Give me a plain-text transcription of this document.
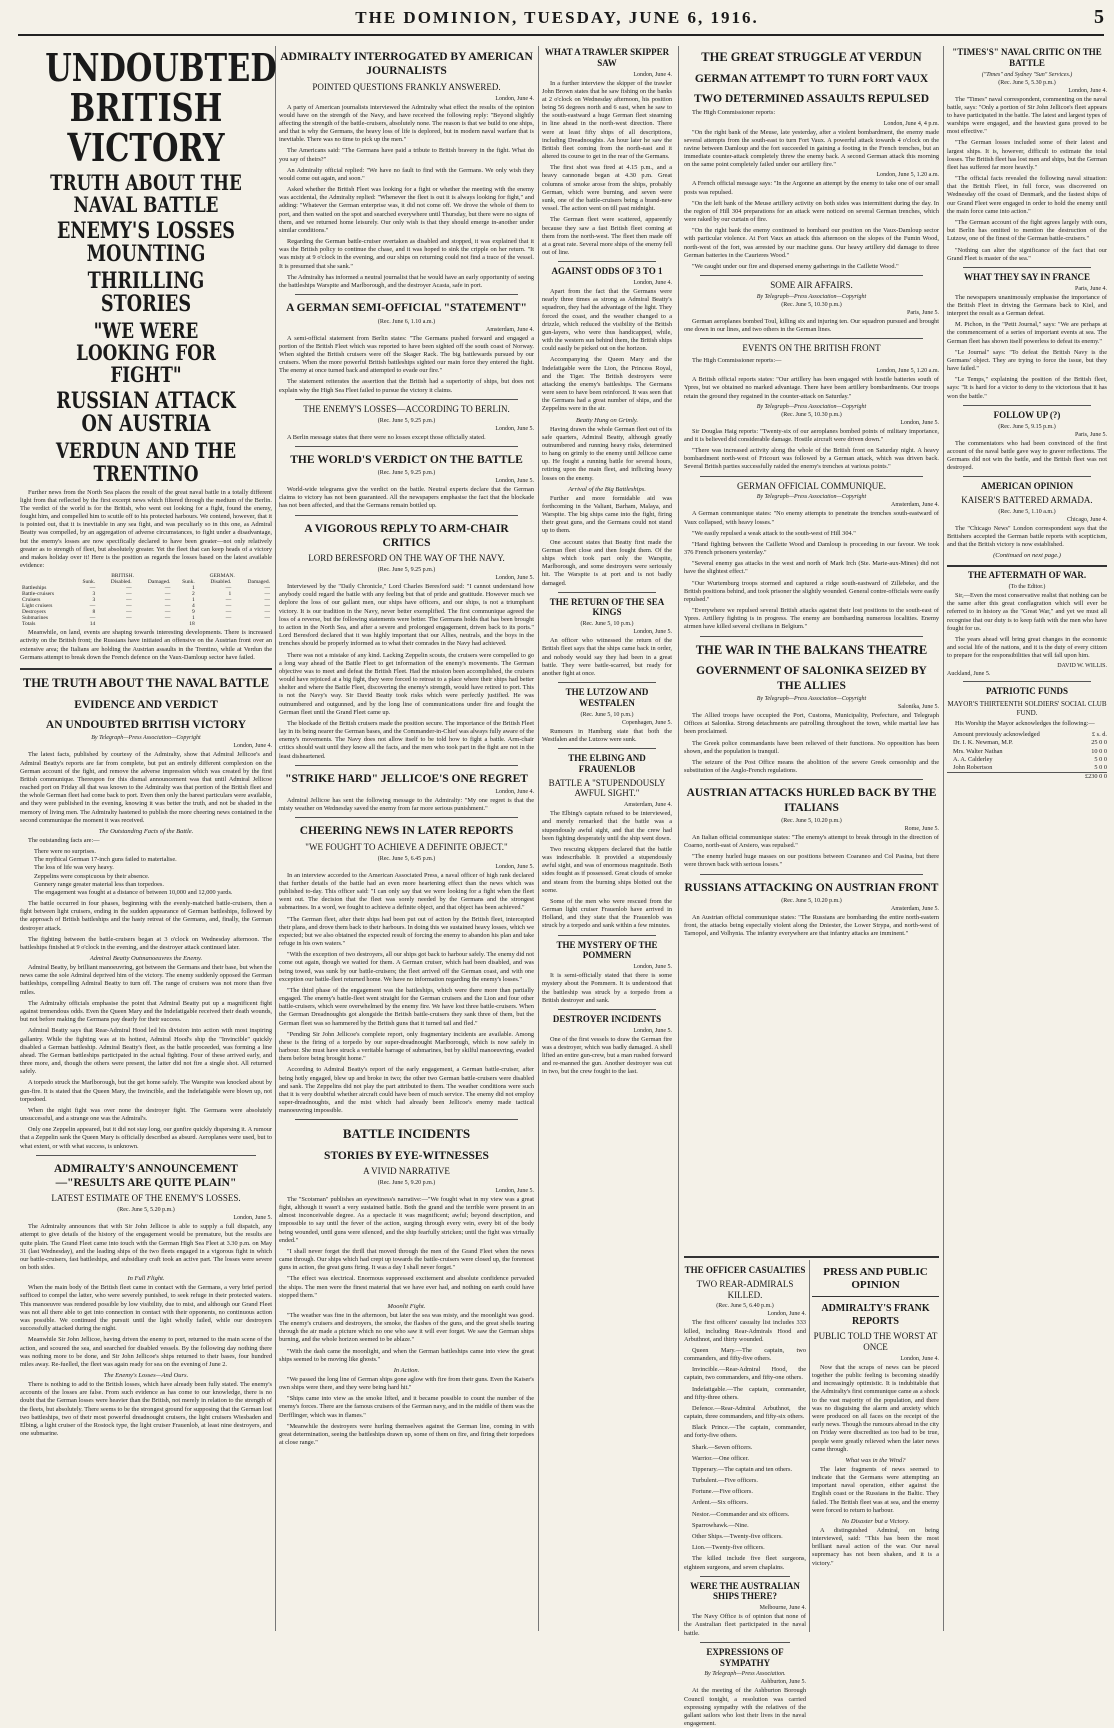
THE DOMINION, TUESDAY, JUNE 6, 1916.	5
UNDOUBTED BRITISH VICTORY
TRUTH ABOUT THE NAVAL BATTLE
ENEMY'S LOSSES MOUNTING
THRILLING STORIES
"WE WERE LOOKING FOR FIGHT"
RUSSIAN ATTACK ON AUSTRIA
VERDUN AND THE TRENTINO

Further news from the North Sea places the result of the great naval battle in a totally different light from that reflected by the first excerpt news which filtered through the medium of the Berlin. The verdict of the world is for the British, who went out looking for a fight, found the enemy, fought him, and compelled him to scuttle off to his protected harbours. We contend, however, that it is pointed out, that it is inevitable in any sea fight, and was peculiarly so in this one, as Admiral Beatty was compelled, by an aggregation of adverse circumstances, to fight under a disadvantage, but the enemy's losses are now specifically declared to have been greater—not only relatively greater as to strength of fleet, but absolutely greater. Yet the fleet that can keep heads of a victory and makes holiday over it! Here is the position as regards the losses based on the latest available evidence:

	BRITISH.			GERMAN.		
	Sunk.	Disabled.	Damaged.	Sunk.	Disabled.	Damaged.
Battleships	—	—	—	1	—	—
Battle-cruisers	3	—	—	2	1	—
Cruisers	3	—	—	1	—	—
Light cruisers	—	—	—	4	—	—
Destroyers	8	—	—	9	—	—
Submarines	—	—	—	1	—	—
Totals	14			18		

Meanwhile, on land, events are shaping towards interesting developments. There is increased activity on the British front; the Russians have initiated an offensive on the Austrian front over an extensive area; the Italians are holding the Austrian assaults in the Trentino, while at Verdun the Germans attempt to break down the French defence on the Vaux-Damloup sector have failed.

THE TRUTH ABOUT THE NAVAL BATTLE
EVIDENCE AND VERDICT
AN UNDOUBTED BRITISH VICTORY
By Telegraph—Press Association—Copyright
London, June 4.

The latest facts, published by courtesy of the Admiralty, show that Admiral Jellicoe's and Admiral Beatty's reports are far from complete, but put an entirely different complexion on the German account of the fight, and remove the adverse impression which was created by the first British communique. Thereupon for this dismal announcement was that until Admiral Jellicoe reached port on Friday all that was known to the Admiralty was that portion of the British fleet and the whole German fleet had come back to port. Even then only the barest particulars were available, and they were published in the evening, knowing it was better the truth, and not be shaded in the memory of living men. The Admiralty hastened to publish the more cheering news contained in the second communique the moment it was received.

The Outstanding Facts of the Battle.

The outstanding facts are:—

There were no surprises.
The mythical German 17-inch guns failed to materialise.
The loss of life was very heavy.
Zeppelins were conspicuous by their absence.
Gunnery range greater material less than torpedoes.
The engagement was fought at a distance of between 10,000 and 12,000 yards.

The battle occurred in four phases, beginning with the evenly-matched battle-cruisers, then a fight between light cruisers, ending in the sudden appearance of German battleships, followed by the approach of British battleships and the hasty retreat of the Germans, and, finally, the German destroyer attack.

The fighting between the battle-cruisers began at 3 o'clock on Wednesday afternoon. The battleships finished at 9 o'clock in the evening, and the destroyer attack continued later.

Admiral Beatty Outmanoeuvres the Enemy.

Admiral Beatty, by brilliant manoeuvring, got between the Germans and their base, but when the news came the sole Admiral deprived him of the victory. The enemy suddenly opposed the German battleships, compelling Admiral Beatty to turn off. The range of cruisers was not more than five miles.

The Admiralty officials emphasise the point that Admiral Beatty put up a magnificent fight against tremendous odds. Even the Queen Mary and the Indefatigable received their death wounds, but not before making the Germans pay dearly for their success.

Admiral Beatty says that Rear-Admiral Hood led his division into action with most inspiring gallantry. While the fighting was at its hottest, Admiral Hood's ship the "Invincible" quickly disabled a German battleship. Admiral Beatty's fleet, as the battle proceeded, was forming a line ahead. The German battleships participated in the actual fighting. Four of these arrived early, and three more, and, though the others were present, the latter did not fire a single shot. All returned safely.

A torpedo struck the Marlborough, but the get home safely. The Warspite was knocked about by gun-fire. It is stated that the Queen Mary, the Invincible, and the Indefatigable were blown up, not torpedoed.

When the night fight was over none the destroyer fight. The Germans were absolutely unsuccessful, and a strange one was the Admiral's.

Only one Zeppelin appeared, but it did not stay long, our gunfire quickly dispersing it. A rumour that a Zeppelin sank the Queen Mary is officially described as absurd. Aeroplanes were used, but to what extent, or with what success, is unknown.

ADMIRALTY'S ANNOUNCEMENT—"RESULTS ARE QUITE PLAIN"
LATEST ESTIMATE OF THE ENEMY'S LOSSES.
(Rec. June 5, 5.20 p.m.)
London, June 5.

The Admiralty announces that with Sir John Jellicoe is able to supply a full dispatch, any attempt to give details of the history of the engagement would be premature, but the results are quite plain. The Grand Fleet came into touch with the German High Sea Fleet at 3.30 p.m. on May 31 (last Wednesday), and the leading ships of the two fleets engaged in a vigorous fight in which our battle-cruisers, fast battleships, and subsidiary craft took an active part. The losses were severe on both sides.

In Full Flight.

When the main body of the British fleet came in contact with the Germans, a very brief period sufficed to compel the latter, who were severely punished, to seek refuge in their protected waters. This manoeuvre was rendered possible by low visibility, due to mist, and although our Grand Fleet was not all there able to get into connection in contact with their opponents, no continuous action was possible. We continued the pursuit until the light wholly failed, while our destroyers successfully attacked during the night.

Meanwhile Sir John Jellicoe, having driven the enemy to port, returned to the main scene of the action, and scoured the sea, and searched for disabled vessels. By the following day nothing there was nothing more to be done, and Sir John Jellicoe's ships returned to their bases, four hundred miles away. Re-fuelled, the fleet was again ready for sea on the evening of June 2.

The Enemy's Losses—And Ours.

There is nothing to add to the British losses, which have already been fully stated. The enemy's accounts of the losses are false. From such evidence as has come to our knowledge, there is no doubt that the German losses were heavier than the British, not merely in relation to the strength of the fleets, but absolutely. There seems to be the strongest ground for supposing that the German lost two battleships, two of their most powerful dreadnought cruisers, the light cruisers Wiesbaden and Elbing, a light cruiser of the Rostock type, the light cruiser Frauenlob, at least nine destroyers, and one submarine.

ADMIRALTY INTERROGATED BY AMERICAN JOURNALISTS
POINTED QUESTIONS FRANKLY ANSWERED.
London, June 4.

A party of American journalists interviewed the Admiralty what effect the results of the opinion would have on the strength of the Navy, and have received the following reply: "Beyond slightly affecting the strength of the battle-cruisers, absolutely none. The reason is that we build to one ships, and that is why the Germans, the heavy loss of life is deplored, but in modern naval warfare that is inevitable. There was no time to pick up the men."

The Americans said: "The Germans have paid a tribute to British bravery in the fight. What do you say of theirs?"

An Admiralty official replied: "We have no fault to find with the Germans. We only wish they would come out again, and soon."

Asked whether the British Fleet was looking for a fight or whether the meeting with the enemy was accidental, the Admiralty replied: "Whenever the fleet is out it is always looking for fight," and adding: "Whatever the German enterprise was, it did not come off. We drove the whole of them to port, and then waited on the spot and searched everywhere until Thursday, but there were no signs of them, and we returned home leisurely. Our only wish is that they should emerge in-another under similar conditions."

Regarding the German battle-cruiser overtaken as disabled and stopped, it was explained that it was the British policy to continue the chase, and it was hoped to sink the cripple on her return. "It was misty at 9 o'clock in the evening, and our ships on returning could not find a trace of the vessel. It is presumed that she sank."

The Admiralty has informed a neutral journalist that he would have an early opportunity of seeing the battleships Warspite and Marlborough, and the destroyer Acasta, safe in port.

A GERMAN SEMI-OFFICIAL "STATEMENT"
(Rec. June 6, 1.10 a.m.)
Amsterdam, June 4.

A semi-official statement from Berlin states: "The Germans pushed forward and engaged a portion of the British Fleet which was reported to have been sighted off the south coast of Norway. When sighted the British cruisers were off the Skager Rack. The big battlewards pursued by our cruisers. When the more powerful British battleships sighted our main force they entered the fight. The enemy at once turned back and attempted to evade our fire."

The statement reiterates the assertion that the British had a superiority of ships, but does not explain why the High Sea Fleet failed to pursue the victory it claims.

THE ENEMY'S LOSSES—ACCORDING TO BERLIN.
(Rec. June 5, 9.25 p.m.)
London, June 5.

A Berlin message states that there were no losses except those officially stated.

THE WORLD'S VERDICT ON THE BATTLE
(Rec. June 5, 9.25 p.m.)
London, June 5.

World-wide telegrams give the verdict on the battle. Neutral experts declare that the German claims to victory has not been guaranteed. All the newspapers emphasise the fact that the blockade has not been affected, and that the Germans remain bottled up.

A VIGOROUS REPLY TO ARM-CHAIR CRITICS
LORD BERESFORD ON THE WAY OF THE NAVY.
(Rec. June 5, 9.25 p.m.)
London, June 5.

Interviewed by the "Daily Chronicle," Lord Charles Beresford said: "I cannot understand how anybody could regard the battle with any feeling but that of pride and gratitude. However much we deplore the loss of our gallant men, our ships have officers, and our ships, is not a triumphant victory. It is our tradition in the Navy, never better exemplified. The first communique agreed the loss of a reverse, but the following statements were better. The Germans holds that has been brought to action in the North Sea, and after a severe and prolonged engagement, driven back to its ports." Lord Beresford declared that it was highly important that our Allies, neutrals, and the boys in the trenches should be properly informed as to what their comrades in the Navy had achieved.

There was not a mistake of any kind. Lacking Zeppelin scouts, the cruisers were compelled to go a long way ahead of the Battle Fleet to get information of the enemy's movements. The German objective was to meet and defeat the British Fleet. Had the mission been accomplished, the cruisers would have rejoiced at a big fight, they were forced to retreat to a place where their ships had better shelter and where the Battle Fleet, discovering the enemy's strength, would have retired to port. This is not the Navy's way. Sir David Beatty took risks which were perfectly justified. He was outnumbered and outgunned, and by the long line of communications under fire and fought the German fleet until the Grand Fleet came up.

The blockade of the British cruisers made the position secure. The importance of the British Fleet lay in its being nearer the German bases, and the Commander-in-Chief was always fully aware of the enemy's movements. The Navy does not allow itself to be told how to fight a battle. Arm-chair critics should wait until they know all the facts, and the men who took part in the fight are not in the least disheartened.

"STRIKE HARD" JELLICOE'S ONE REGRET
London, June 4.

Admiral Jellicoe has sent the following message to the Admiralty: "My one regret is that the misty weather on Wednesday saved the enemy from far more serious punishment."

CHEERING NEWS IN LATER REPORTS
"WE FOUGHT TO ACHIEVE A DEFINITE OBJECT."
(Rec. June 5, 6.45 p.m.)
London, June 5.

In an interview accorded to the American Associated Press, a naval officer of high rank declared that further details of the battle had an even more heartening effect than the news which was published to-day. This officer said: "I can only say that we were looking for a fight when the fleet went out. The decision that the fleet was sorely needed by the Germans and the strongest submarines. In a word, we fought to achieve a definite object, and that object has been achieved."

"The German fleet, after their ships had been put out of action by the British fleet, intercepted their plans, and drove them back to their harbours. In doing this we sustained heavy losses, which we expected; but we also obtained the expected result of forcing the enemy to abandon his plan and take refuge in his own waters."

"With the exception of two destroyers, all our ships got back to harbour safely. The enemy did not come out again, though we waited for them. A German cruiser, which had been disabled, and was being towed, was sunk by our battle-cruisers; the fleet arrived off the German coast, and with one exception our battle-fleet returned home. We have no information regarding the enemy's losses."

"The third phase of the engagement was the battleships, which were there more than partially engaged. The enemy's battle-fleet went straight for the German cruisers and the Lion and four other battle-cruisers, which were overwhelmed by the enemy fire. We have lost three battle-cruisers. When the German Dreadnoughts got alongside the British battle-cruisers they sank three of them, but the German fleet was so hammered by the British guns that it turned tail and fled."

"Pending Sir John Jellicoe's complete report, only fragmentary incidents are available. Among these is the firing of a torpedo by our super-dreadnought Marlborough, which is now safely in harbour. She must have struck a veritable barrage of submarines, but by skilful manoeuvring, evaded them before being brought home."

According to Admiral Beatty's report of the early engagement, a German battle-cruiser, after being hotly engaged, blew up and broke in two; the other two German battle-cruisers were disabled and sank. The Zeppelins did not play the part attributed to them. The weather conditions were such that it is very doubtful whether aircraft could have been of much service. The enemy did not employ super-dreadnoughts, and the mist which had already been Jellicoe's enemy made tactical manoeuvring impossible.

BATTLE INCIDENTS
STORIES BY EYE-WITNESSES
A VIVID NARRATIVE
(Rec. June 5, 9.20 p.m.)
London, June 5.

The "Scotsman" publishes an eyewitness's narrative:—"We fought what in my view was a great fight, although it wasn't a very sustained battle. Both the grand and the terrible were present in an almost inconceivable degree. As a spectacle it was magnificent; awful; beyond description, and impossible to say until the fever of the action, surging through every vein, every bit of the body being wounded, until guns were silenced, and the ship fearfully stricken; until the fight was virtually ended."

"I shall never forget the thrill that moved through the men of the Grand Fleet when the news came through. Our ships which had crept up towards the battle-cruisers were closed up, the foremost guns in action, the great guns firing. It was a day I shall never forget."

"The effect was electrical. Enormous suppressed excitement and absolute confidence pervaded the ships. The men were the finest material that we have ever had, and nothing on earth could have stopped them."

Moonlit Fight.

"The weather was fine in the afternoon, but later the sea was misty, and the moonlight was good. The enemy's cruisers and destroyers, the smoke, the flashes of the guns, and the great shells tearing through the air made a picture which no one who saw it will ever forget. We saw the German ships burning, and the whole horizon seemed to be ablaze."

"With the dash came the moonlight, and when the German battleships came into view the great ships seemed to be moving like ghosts."

In Action.

"We passed the long line of German ships gone aglow with fire from their guns. Even the Kaiser's own ships were there, and they were being hard hit."

"Ships came into view as the smoke lifted, and it became possible to count the number of the enemy's forces. There are the famous cruisers of the German navy, and in the middle of them was the Derfflinger, which was in flames."

"Meanwhile the destroyers were hurling themselves against the German line, coming in with great determination, seeing the battleships drawn up, some of them on fire, and firing their torpedoes at close range."

WHAT A TRAWLER SKIPPER SAW
London, June 4.

In a further interview the skipper of the trawler John Brown states that he saw fishing on the banks at 2 o'clock on Wednesday afternoon, his position being 56 degrees north and 6 east, when he saw to the south-eastward a huge German fleet steaming in line ahead in the north-west direction. There were at least fifty ships of all descriptions, including Dreadnoughts. An hour later he saw the British fleet coming from the north-east and it altered its course to get in the rear of the Germans.

The first shot was fired at 4.15 p.m., and a heavy cannonade began at 4.30 p.m. Great columns of smoke arose from the ships, probably German, which were burning, and seven were sunk, one of the battle-cruisers being a brand-new vessel. The action went on till past midnight.

The German fleet were scattered, apparently because they saw a fast British fleet coming at them from the north-west. The fleet then made off at a great rate. Several more ships of the enemy fell out of line.

AGAINST ODDS OF 3 TO 1
London, June 4.

Apart from the fact that the Germans were nearly three times as strong as Admiral Beatty's squadron, they had the advantage of the light. They forced the coast, and the weather changed to a drizzle, which reduced the visibility of the British gun-layers, who were thus handicapped, while, with the western sun behind them, the British ships could easily be picked out on the horizon.

Accompanying the Queen Mary and the Indefatigable were the Lion, the Princess Royal, and the Tiger. The British destroyers were attacking the enemy's battleships. The Germans were seen to have been reinforced. It was seen that the Germans had a great number of ships, and the Zeppelins were in the air.

Beatty Hung on Grimly.

Having drawn the whole German fleet out of its safe quarters, Admiral Beatty, although greatly outnumbered and running heavy risks, determined to hang on grimly to the enemy until Jellicoe came up. He fought a running battle for several hours, retiring upon the main fleet, and inflicting heavy losses on the enemy.

Arrival of the Big Battleships.

Further and more formidable aid was forthcoming in the Valiant, Barham, Malaya, and Warspite. The big ships came into the fight, firing their great guns, and the Germans could not stand up to them.

One account states that Beatty first made the German fleet close and then fought them. Of the ships which took part only the Warspite, Marlborough, and some destroyers were seriously hit. The Warspite is at port and is not badly damaged.

THE RETURN OF THE SEA KINGS
(Rec. June 5, 10 p.m.)
London, June 5.

An officer who witnessed the return of the British fleet says that the ships came back in order, and nobody would say they had been in a great battle. They were battle-scarred, but ready for another fight at once.

THE LUTZOW AND WESTFALEN
(Rec. June 5, 10 p.m.)
Copenhagen, June 5.

Rumours in Hamburg state that both the Westfalen and the Lutzow were sunk.

THE ELBING AND FRAUENLOB
BATTLE A "STUPENDOUSLY AWFUL SIGHT."
Amsterdam, June 4.

The Elbing's captain refused to be interviewed, and merely remarked that the battle was a stupendously awful sight, and that the crew had been fighting desperately until the ship went down.

Two rescuing skippers declared that the battle was indescribable. It provided a stupendously awful sight, and was of enormous magnitude. Both sides fought as if possessed. Great clouds of smoke and steam from the burning ships blotted out the scene.

Some of the men who were rescued from the German light cruiser Frauenlob have arrived in Holland, and they state that the Frauenlob was struck by a torpedo and sank within a few minutes.

THE MYSTERY OF THE POMMERN
London, June 5.

It is semi-officially stated that there is some mystery about the Pommern. It is understood that the battleship was struck by a torpedo from a British destroyer and sank.

DESTROYER INCIDENTS
London, June 5.

One of the first vessels to draw the German fire was a destroyer, which was badly damaged. A shell lifted an entire gun-crew, but a man rushed forward and re-manned the gun. Another destroyer was cut in two, but the crew fought to the last.

THE GREAT STRUGGLE AT VERDUN
GERMAN ATTEMPT TO TURN FORT VAUX
TWO DETERMINED ASSAULTS REPULSED

The High Commissioner reports:

London, June 4, 4 p.m.

"On the right bank of the Meuse, late yesterday, after a violent bombardment, the enemy made several attempts from the south-east to turn Fort Vaux. A powerful attack towards 4 o'clock on the ravine between Damloup and the fort succeeded in gaining a footing in the French trenches, but an immediate counter-attack completely threw the enemy back. A second German attack this morning on the same point completely failed under our artillery fire."

London, June 5, 1.20 a.m.

A French official message says: "In the Argonne an attempt by the enemy to take one of our small posts was repulsed.

"On the left bank of the Meuse artillery activity on both sides was intermittent during the day. In the region of Hill 304 preparations for an attack were noticed on several German trenches, which were raked by our curtain of fire.

"On the right bank the enemy continued to bombard our position on the Vaux-Damloup sector with particular violence. At Fort Vaux an attack this afternoon on the slopes of the Fumin Wood, north-west of the fort, was arrested by our machine guns. Our heavy artillery did damage to three German batteries in the Caurieres Wood."

"We caught under our fire and dispersed enemy gatherings in the Caillette Wood."

SOME AIR AFFAIRS.
By Telegraph—Press Association—Copyright
(Rec. June 5, 10.30 p.m.)
Paris, June 5.

German aeroplanes bombed Toul, killing six and injuring ten. Our squadron pursued and brought one down in our lines, and two others in the German lines.

EVENTS ON THE BRITISH FRONT

The High Commissioner reports:—

London, June 5, 1.20 a.m.

A British official reports states: "Our artillery has been engaged with hostile batteries south of Ypres, but we obtained no marked advantage. There have been artillery bombardments. Our troops retain the ground they regained in the counter-attack on Saturday."

By Telegraph—Press Association—Copyright
(Rec. June 5, 10.30 p.m.)
London, June 5.

Sir Douglas Haig reports: "Twenty-six of our aeroplanes bombed points of military importance, and it is believed did considerable damage. Hostile aircraft were driven down."

"There was increased activity along the whole of the British front on Saturday night. A heavy bombardment north-west of Fricourt was followed by a German attack, which was driven back. Several British parties successfully raided the enemy's trenches at various points."

GERMAN OFFICIAL COMMUNIQUE.
By Telegraph—Press Association—Copyright
Amsterdam, June 4.

A German communique states: "No enemy attempts to penetrate the trenches south-eastward of Vaux collapsed, with heavy losses."

"We easily repulsed a weak attack to the south-west of Hill 304."

"Hand fighting between the Caillette Wood and Damloup is proceeding in our favour. We took 376 French prisoners yesterday."

"Several enemy gas attacks in the west and north of Mark Irch (Ste. Marie-aux-Mines) did not have the slightest effect."

"Our Wurtemburg troops stormed and captured a ridge south-eastward of Zillebeke, and the British positions behind, and took prisoner the slightly wounded. General contre-officials were easily repulsed."

"Everywhere we repulsed several British attacks against their lost positions to the south-east of Ypres. Artillery fighting is in progress. The enemy are bombarding numerous localities. Enemy airmen have killed several civilians in Belgium."

THE WAR IN THE BALKANS THEATRE
GOVERNMENT OF SALONIKA SEIZED BY THE ALLIES
By Telegraph—Press Association—Copyright
Salonika, June 5.

The Allied troops have occupied the Port, Customs, Municipality, Prefecture, and Telegraph Offices at Salonika. Strong detachments are patrolling throughout the town, while martial law has been proclaimed.

The Greek police commandants have been relieved of their functions. No opposition has been shown, and the population is tranquil.

The seizure of the Post Office means the abolition of the severe Greek censorship and the substitution of the Anglo-French regulations.

AUSTRIAN ATTACKS HURLED BACK BY THE ITALIANS
(Rec. June 5, 10.20 p.m.)
Rome, June 5.

An Italian official communique states: "The enemy's attempt to break through in the direction of Coarno, north-east of Arsiero, was repulsed."

"The enemy hurled huge masses on our positions between Coaraneo and Col Pasina, but there were thrown back with serious losses."

RUSSIANS ATTACKING ON AUSTRIAN FRONT
(Rec. June 5, 10.20 p.m.)
Amsterdam, June 5.

An Austrian official communique states: "The Russians are bombarding the entire north-eastern front, the attacks being especially violent along the Dniester, the Lower Strypa, and north-west of Tarnopol, and Volhynia. The infantry everywhere are that infantry attacks are imminent."

THE OFFICER CASUALTIES
TWO REAR-ADMIRALS KILLED.
(Rec. June 5, 6.40 p.m.)
London, June 4.

The first officers' casualty list includes 333 killed, including Rear-Admirals Hood and Arbuthnot, and thirty wounded.

Queen Mary.—The captain, two commanders, and fifty-five others.

Invincible.—Rear-Admiral Hood, the captain, two commanders, and fifty-one others.

Indefatigable.—The captain, commander, and fifty-three others.

Defence.—Rear-Admiral Arbuthnot, the captain, three commanders, and fifty-six others.

Black Prince.—The captain, commander, and forty-five others.

Shark.—Seven officers.

Warrior.—One officer.

Tipperary.—The captain and ten others.

Turbulent.—Five officers.

Fortune.—Five officers.

Ardent.—Six officers.

Nestor.—Commander and six officers.

Sparrowhawk.—Nine.

Other Ships.—Twenty-five officers.

Lion.—Twenty-five officers.

The killed include five fleet surgeons, eighteen surgeons, and seven chaplains.

WERE THE AUSTRALIAN SHIPS THERE?
Melbourne, June 4.

The Navy Office is of opinion that none of the Australian fleet participated in the naval battle.

EXPRESSIONS OF SYMPATHY
By Telegraph—Press Association.
Ashburton, June 5.

At the meeting of the Ashburton Borough Council tonight, a resolution was carried expressing sympathy with the relatives of the gallant sailors who lost their lives in the naval engagement.

PRESS AND PUBLIC OPINION
ADMIRALTY'S FRANK REPORTS
PUBLIC TOLD THE WORST AT ONCE
London, June 4.

Now that the scraps of news can be pieced together the public feeling is becoming steadily and increasingly optimistic. It is indubitable that the Admiralty's first communique came as a shock to the vast majority of the population, and there was no disguising the alarm and anxiety which were produced on all faces on the receipt of the early news. Though the rumours abroad in the city on Friday were discredited as too bad to be true, people were greatly relieved when the later news came through.

What was in the Wind?

The later fragments of news seemed to indicate that the Germans were attempting an important naval operation, either against the English coast or the Russians in the Baltic. They failed. The British fleet was at sea, and the enemy were forced to return to harbour.

No Disaster but a Victory.

A distinguished Admiral, on being interviewed, said: "This has been the most brilliant naval action of the war. Our naval supremacy has not been shaken, and it is a victory."

"TIMES'S" NAVAL CRITIC ON THE BATTLE
("Times" and Sydney "Sun" Services.)
(Rec. June 5, 5.30 p.m.)
London, June 4.

The "Times" naval correspondent, commenting on the naval battle, says: "Only a portion of Sir John Jellicoe's fleet appears to have participated in the battle. The latest and largest types of warships were engaged, and the heaviest guns proved to be most effective."

"The German losses included some of their latest and largest ships. It is, however, difficult to estimate the total losses. The British fleet has lost men and ships, but the German fleet has suffered far more heavily."

"The official facts revealed the following naval situation: that the British Fleet, in full force, was discovered on Wednesday off the coast of Denmark, and the fastest ships of our Grand Fleet were engaged in order to hold the enemy until the main force came into action."

"The German account of the fight agrees largely with ours, but Berlin has omitted to mention the destruction of the Lutzow, one of the finest of the German battle-cruisers."

"Nothing can alter the significance of the fact that our Grand Fleet is master of the sea."

WHAT THEY SAY IN FRANCE
Paris, June 4.

The newspapers unanimously emphasise the importance of the British Fleet in driving the Germans back to Kiel, and interpret the result as a German defeat.

M. Pichon, in the "Petit Journal," says: "We are perhaps at the commencement of a series of important events at sea. The German fleet has shown itself powerless to defeat its enemy."

"Le Journal" says: "To defeat the British Navy is the Germans' object. They are trying to force the issue, but they have failed."

"Le Temps," explaining the position of the British fleet, says: "It is hard for a victor to deny to the victorious that it has won the battle."

FOLLOW UP (?)
(Rec. June 5, 9.15 p.m.)
Paris, June 5.

The commentators who had been convinced of the first account of the naval battle gave way to graver reflections. The Germans did not win the battle, and the British fleet was not destroyed.

AMERICAN OPINION
KAISER'S BATTERED ARMADA.
(Rec. June 5, 1.10 a.m.)
Chicago, June 4.

The "Chicago News" London correspondent says that the Britishers accepted the German battle reports with scepticism, and that the British victory is now established.

(Continued on next page.)
THE AFTERMATH OF WAR.
(To the Editor.)

Sir,—Even the most conservative realist that nothing can be the same after this great conflagration which will ever be referred to in history as the "Great War," and yet we must all recognise that our duty is to keep faith with the men who have fought for us.

The years ahead will bring great changes in the economic and social life of the nations, and it is the duty of every citizen to prepare for the responsibilities that will fall upon him.

DAVID W. WILLIS.
Auckland, June 5.
PATRIOTIC FUNDS
MAYOR'S THIRTEENTH SOLDIERS' SOCIAL CLUB FUND.

His Worship the Mayor acknowledges the following:—

Amount previously acknowledged	£ s. d.
Dr. I. K. Newman, M.P.	25 0 0
Mrs. Walter Nathan	10 0 0
A. A. Calderley	5 0 0
John Robertson	5 0 0
£230 0 0
